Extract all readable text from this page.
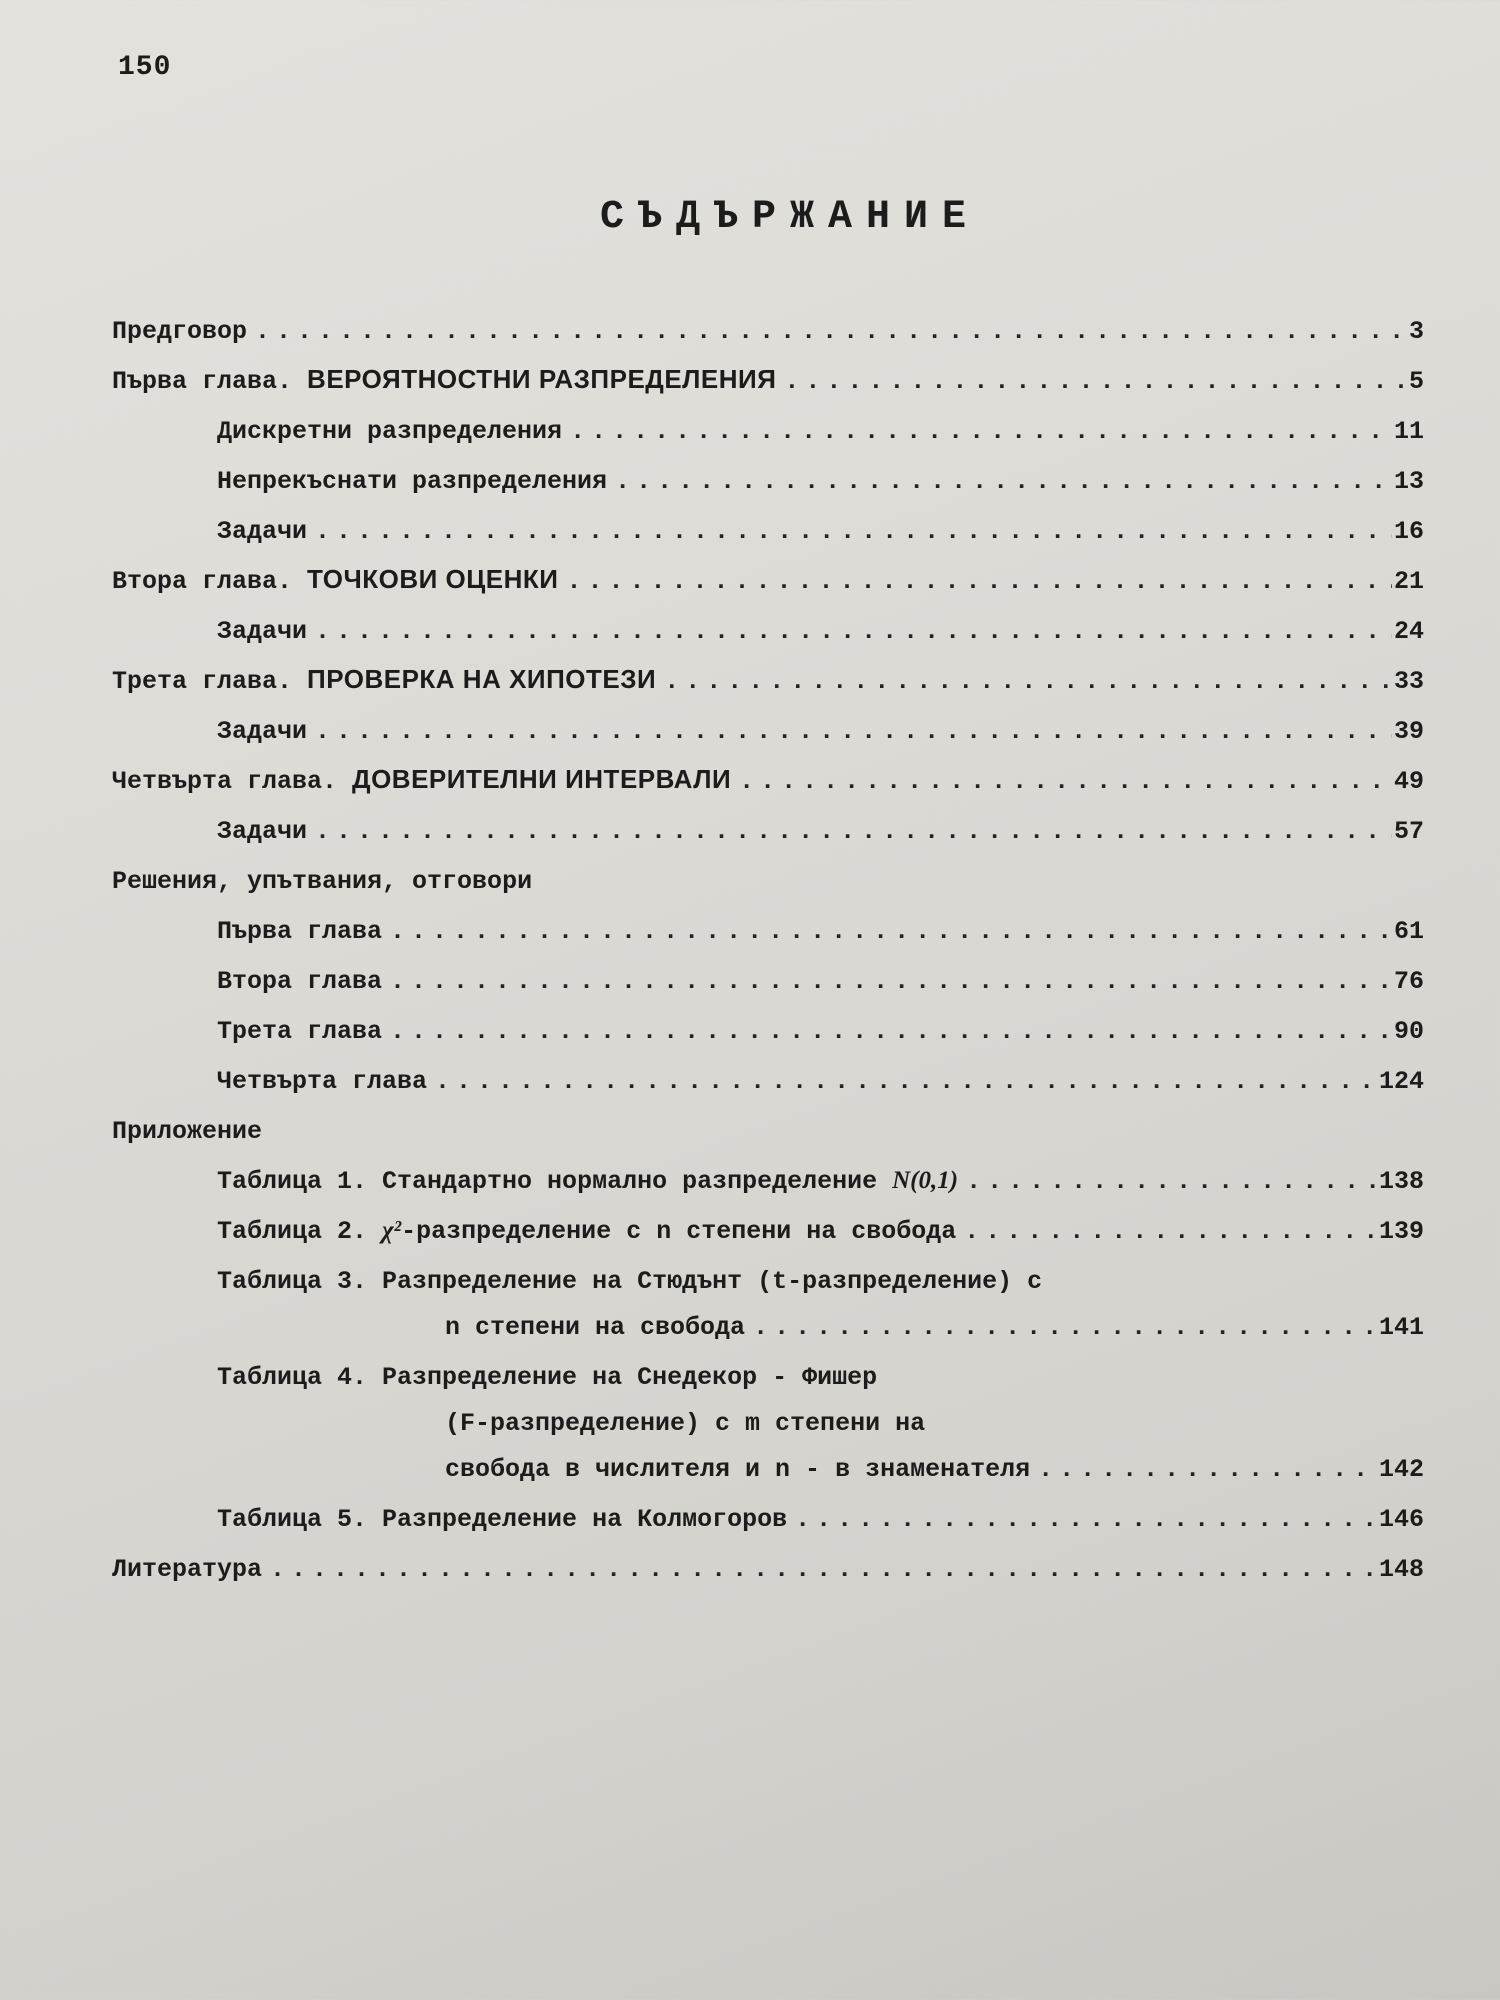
150
СЪДЪРЖАНИЕ
Предговор .....	3
Първа глава. ВЕРОЯТНОСТНИ РАЗПРЕДЕЛЕНИЯ .....	5
Дискретни разпределения .....	11
Непрекъснати разпределения .....	13
Задачи .....	16
Втора глава. ТОЧКОВИ ОЦЕНКИ .....	21
Задачи .....	24
Трета глава. ПРОВЕРКА НА ХИПОТЕЗИ .....	33
Задачи .....	39
Четвърта глава. ДОВЕРИТЕЛНИ ИНТЕРВАЛИ .....	49
Задачи .....	57
Решения, упътвания, отговори
Първа глава .....	61
Втора глава .....	76
Трета глава .....	90
Четвърта глава .....	124
Приложение
Таблица 1. Стандартно нормално разпределение N(0,1) .....	138
Таблица 2. χ²-разпределение с n степени на свобода .....	139
Таблица 3. Разпределение на Стюдънт (t-разпределение) с
n степени на свобода .....	141
Таблица 4. Разпределение на Снедекор - Фишер
(F-разпределение) с m степени на
свобода в числителя и n - в знаменателя .....	142
Таблица 5. Разпределение на Колмогоров .....	146
Литература .....	148
